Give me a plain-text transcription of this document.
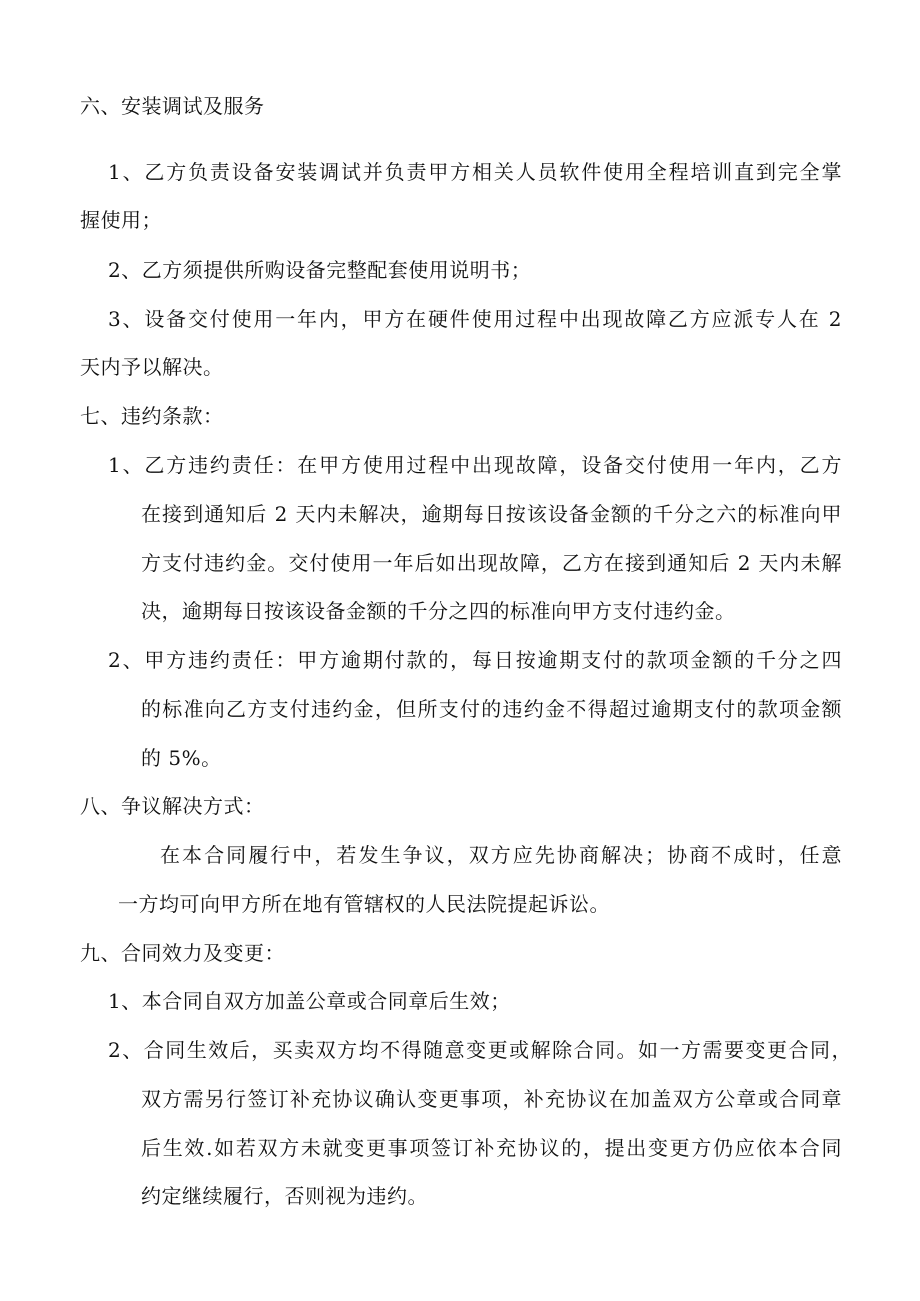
六、安装调试及服务
1、乙方负责设备安装调试并负责甲方相关人员软件使用全程培训直到完全掌
握使用；
2、乙方须提供所购设备完整配套使用说明书；
3、设备交付使用一年内，甲方在硬件使用过程中出现故障乙方应派专人在 2
天内予以解决。
七、违约条款：
1、乙方违约责任：在甲方使用过程中出现故障，设备交付使用一年内，乙方
在接到通知后 2 天内未解决，逾期每日按该设备金额的千分之六的标准向甲
方支付违约金。交付使用一年后如出现故障，乙方在接到通知后 2 天内未解
决，逾期每日按该设备金额的千分之四的标准向甲方支付违约金。
2、甲方违约责任：甲方逾期付款的，每日按逾期支付的款项金额的千分之四
的标准向乙方支付违约金，但所支付的违约金不得超过逾期支付的款项金额
的 5%。
八、争议解决方式：
在本合同履行中，若发生争议，双方应先协商解决；协商不成时，任意
一方均可向甲方所在地有管辖权的人民法院提起诉讼。
九、合同效力及变更：
1、本合同自双方加盖公章或合同章后生效；
2、合同生效后，买卖双方均不得随意变更或解除合同。如一方需要变更合同，
双方需另行签订补充协议确认变更事项，补充协议在加盖双方公章或合同章
后生效.如若双方未就变更事项签订补充协议的，提出变更方仍应依本合同
约定继续履行，否则视为违约。
